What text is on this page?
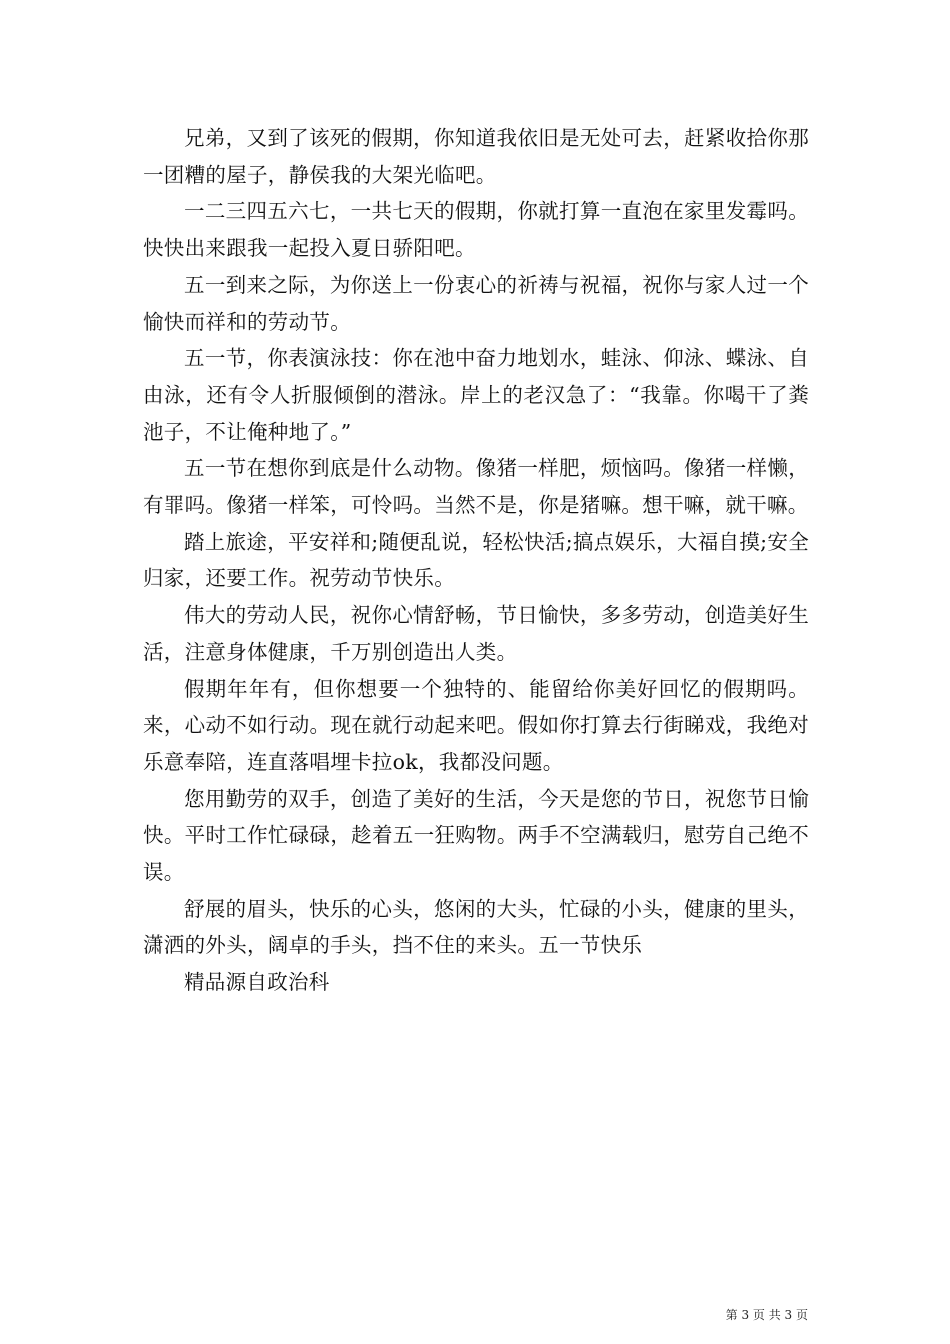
兄弟，又到了该死的假期，你知道我依旧是无处可去，赶紧收拾你那一团糟的屋子，静侯我的大架光临吧。

一二三四五六七，一共七天的假期，你就打算一直泡在家里发霉吗。快快出来跟我一起投入夏日骄阳吧。

五一到来之际，为你送上一份衷心的祈祷与祝福，祝你与家人过一个愉快而祥和的劳动节。

五一节，你表演泳技：你在池中奋力地划水，蛙泳、仰泳、蝶泳、自由泳，还有令人折服倾倒的潜泳。岸上的老汉急了：“我靠。你喝干了粪池子，不让俺种地了。”

五一节在想你到底是什么动物。像猪一样肥，烦恼吗。像猪一样懒，有罪吗。像猪一样笨，可怜吗。当然不是，你是猪嘛。想干嘛，就干嘛。

踏上旅途，平安祥和;随便乱说，轻松快活;搞点娱乐，大福自摸;安全归家，还要工作。祝劳动节快乐。

伟大的劳动人民，祝你心情舒畅，节日愉快，多多劳动，创造美好生活，注意身体健康，千万别创造出人类。

假期年年有，但你想要一个独特的、能留给你美好回忆的假期吗。来，心动不如行动。现在就行动起来吧。假如你打算去行街睇戏，我绝对乐意奉陪，连直落唱埋卡拉ok，我都没问题。

您用勤劳的双手，创造了美好的生活，今天是您的节日，祝您节日愉快。平时工作忙碌碌，趁着五一狂购物。两手不空满载归，慰劳自己绝不误。

舒展的眉头，快乐的心头，悠闲的大头，忙碌的小头，健康的里头，潇洒的外头，阔卓的手头，挡不住的来头。五一节快乐

精品源自政治科

第 3 页 共 3 页
